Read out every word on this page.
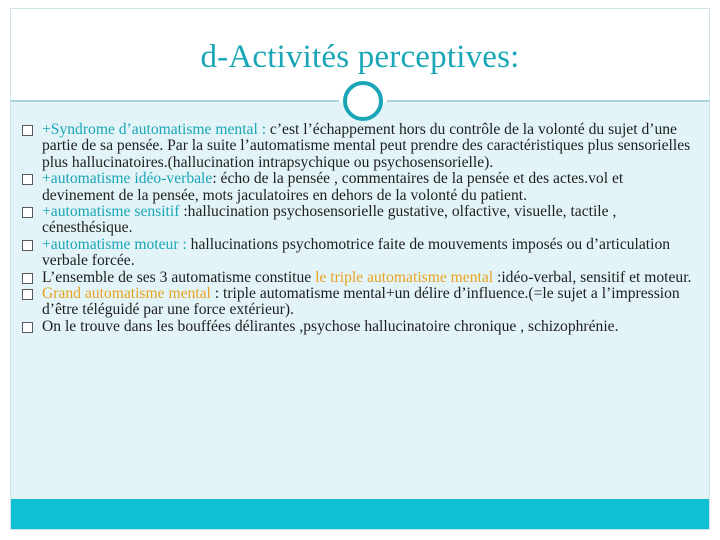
d-Activités perceptives:
+Syndrome d’automatisme mental : c’est l’échappement hors du contrôle de la volonté du sujet d’une partie de sa pensée. Par la suite l’automatisme mental peut prendre des caractéristiques plus sensorielles plus hallucinatoires.(hallucination intrapsychique ou psychosensorielle).
+automatisme idéo-verbale: écho de la pensée , commentaires de la pensée et des actes.vol et devinement de la pensée, mots jaculatoires en dehors de la volonté du patient.
+automatisme sensitif :hallucination psychosensorielle gustative, olfactive, visuelle, tactile , cénesthésique.
+automatisme moteur : hallucinations psychomotrice faite de mouvements imposés ou d’articulation verbale forcée.
L’ensemble de ses 3 automatisme constitue le triple automatisme mental :idéo-verbal, sensitif et moteur.
Grand automatisme mental : triple automatisme mental+un délire d’influence.(=le sujet a l’impression d’être téléguidé par une force extérieur).
On le trouve dans les bouffées délirantes ,psychose hallucinatoire chronique , schizophrénie.
